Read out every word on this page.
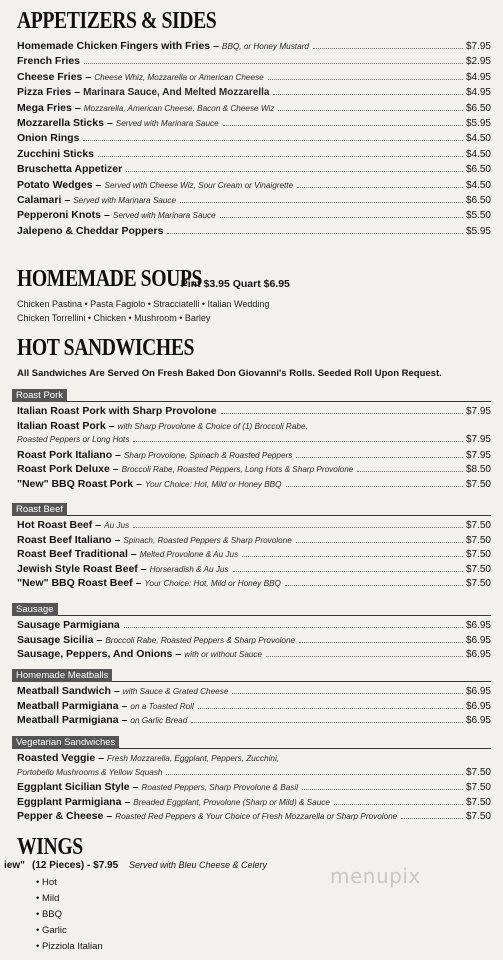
APPETIZERS & SIDES
Homemade Chicken Fingers with Fries – BBQ, or Honey Mustard	$7.95
French Fries	$2.95
Cheese Fries – Cheese Whiz, Mozzarella or American Cheese	$4.95
Pizza Fries – Marinara Sauce, And Melted Mozzarella	$4.95
Mega Fries – Mozzarella, American Cheese, Bacon & Cheese Wiz	$6.50
Mozzarella Sticks – Served with Marinara Sauce	$5.95
Onion Rings	$4.50
Zucchini Sticks	$4.50
Bruschetta Appetizer	$6.50
Potato Wedges – Served with Cheese Wiz, Sour Cream or Vinaigrette	$4.50
Calamari – Served with Marinara Sauce	$6.50
Pepperoni Knots – Served with Marinara Sauce	$5.50
Jalepeno & Cheddar Poppers	$5.95
HOMEMADE SOUPS
– Pint $3.95 Quart $6.95
Chicken Pastina • Pasta Fagiolo • Stracciatelli • Italian Wedding
Chicken Torrellini • Chicken • Mushroom • Barley
HOT SANDWICHES
All Sandwiches Are Served On Fresh Baked Don Giovanni's Rolls. Seeded Roll Upon Request.
Roast Pork
Italian Roast Pork with Sharp Provolone	$7.95
Italian Roast Pork – with Sharp Provolone & Choice of (1) Broccoli Rabe,
Roasted Peppers or Long Hots	$7.95
Roast Pork Italiano – Sharp Provolone, Spinach & Roasted Peppers	$7.95
Roast Pork Deluxe – Broccoli Rabe, Roasted Peppers, Long Hots & Sharp Provolone	$8.50
"New" BBQ Roast Pork – Your Choice: Hot, Mild or Honey BBQ	$7.50
Roast Beef
Hot Roast Beef – Au Jus	$7.50
Roast Beef Italiano – Spinach, Roasted Peppers & Sharp Provolone	$7.50
Roast Beef Traditional – Melted Provolone & Au Jus	$7.50
Jewish Style Roast Beef – Horseradish & Au Jus	$7.50
"New" BBQ Roast Beef – Your Choice: Hot, Mild or Honey BBQ	$7.50
Sausage
Sausage Parmigiana	$6.95
Sausage Sicilia – Broccoli Rabe, Roasted Peppers & Sharp Provolone	$6.95
Sausage, Peppers, And Onions – with or without Sauce	$6.95
Homemade Meatballs
Meatball Sandwich – with Sauce & Grated Cheese	$6.95
Meatball Parmigiana – on a Toasted Roll	$6.95
Meatball Parmigiana – on Garlic Bread	$6.95
Vegetarian Sandwiches
Roasted Veggie – Fresh Mozzarella, Eggplant, Peppers, Zucchini,
Portobello Mushrooms & Yellow Squash	$7.50
Eggplant Sicilian Style – Roasted Peppers, Sharp Provolone & Basil	$7.50
Eggplant Parmigiana – Breaded Eggplant, Provolone (Sharp or Mild) & Sauce	$7.50
Pepper & Cheese – Roasted Red Peppers & Your Choice of Fresh Mozzarella or Sharp Provolone	$7.50
WINGS
iew" (12 Pieces) - $7.95 Served with Bleu Cheese & Celery
• Hot
• Mild
• BBQ
• Garlic
• Pizziola Italian
menupix
